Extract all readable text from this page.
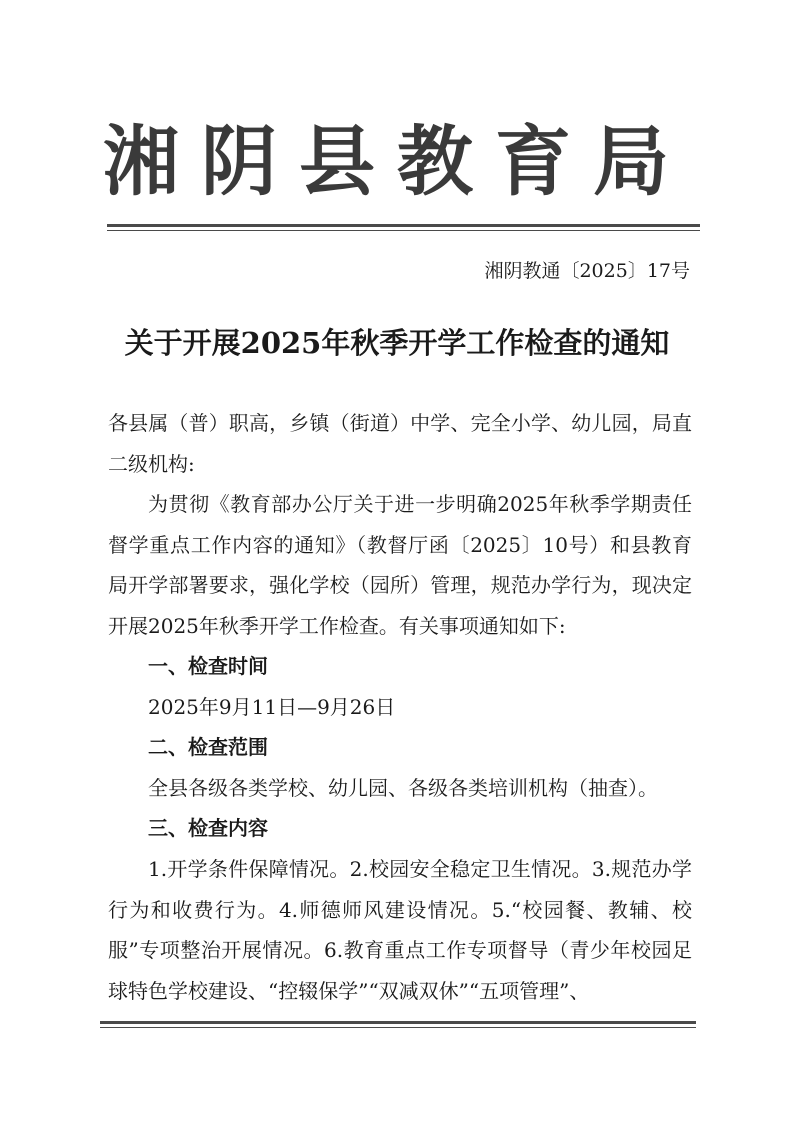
湘阴县教育局
湘阴教通〔2025〕17号
关于开展2025年秋季开学工作检查的通知
各县属（普）职高，乡镇（街道）中学、完全小学、幼儿园，局直二级机构:
为贯彻《教育部办公厅关于进一步明确2025年秋季学期责任督学重点工作内容的通知》（教督厅函〔2025〕10号）和县教育局开学部署要求，强化学校（园所）管理，规范办学行为，现决定开展2025年秋季开学工作检查。有关事项通知如下:
一、检查时间
2025年9月11日—9月26日
二、检查范围
全县各级各类学校、幼儿园、各级各类培训机构（抽查）。
三、检查内容
1.开学条件保障情况。2.校园安全稳定卫生情况。3.规范办学行为和收费行为。4.师德师风建设情况。5.“校园餐、教辅、校服”专项整治开展情况。6.教育重点工作专项督导（青少年校园足球特色学校建设、“控辍保学”“双减双休”“五项管理”、
